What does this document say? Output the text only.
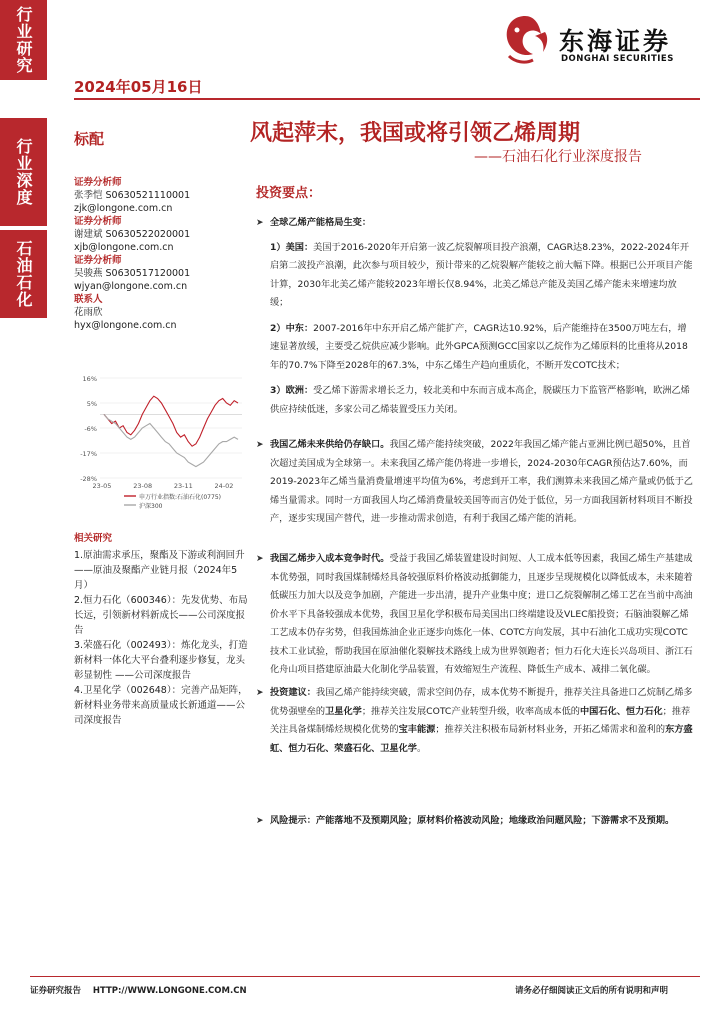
行业研究
行业深度
石油石化
2024年05月16日
东海证券
DONGHAI SECURITIES
标配	风起萍末，我国或将引领乙烯周期
——石油石化行业深度报告
证券分析师
张季恺 S0630521110001
zjk@longone.com.cn
证券分析师
谢建斌 S0630522020001
xjb@longone.com.cn
证券分析师
吴骏燕 S0630517120001
wjyan@longone.com.cn
联系人
花雨欣
hyx@longone.com.cn
16%
5%
-6%
-17%
-28%
23-05	23-08	23-11	24-02
申万行业指数:石油石化(0775)
沪深300
相关研究
1.原油需求承压，聚酯及下游或利润回升——原油及聚酯产业链月报（2024年5月）
2.恒力石化（600346）：先发优势、布局长远，引领新材料新成长——公司深度报告
3.荣盛石化（002493）：炼化龙头，打造新材料一体化大平台叠利逐步修复，龙头彰显韧性 ——公司深度报告
4.卫星化学（002648）：完善产品矩阵，新材料业务带来高质量成长新通道——公司深度报告
投资要点：
➤ 全球乙烯产能格局生变：
1）美国：美国于2016-2020年开启第一波乙烷裂解项目投产浪潮，CAGR达8.23%，2022-2024年开启第二波投产浪潮，此次参与项目较少，预计带来的乙烷裂解产能较之前大幅下降。根据已公开项目产能计算，2030年北美乙烯产能较2023年增长仅8.94%，北美乙烯总产能及美国乙烯产能未来增速均放缓；
2）中东：2007-2016年中东开启乙烯产能扩产，CAGR达10.92%，后产能维持在3500万吨左右，增速显著放缓，主要受乙烷供应减少影响。此外GPCA预测GCC国家以乙烷作为乙烯原料的比重将从2018年的70.7%下降至2028年的67.3%，中东乙烯生产趋向重质化，不断开发COTC技术；
3）欧洲：受乙烯下游需求增长乏力，较北美和中东而言成本高企，脱碳压力下监管严格影响，欧洲乙烯供应持续低迷，多家公司乙烯装置受压力关闭。
➤ 我国乙烯未来供给仍存缺口。我国乙烯产能持续突破，2022年我国乙烯产能占亚洲比例已超50%，且首次超过美国成为全球第一。未来我国乙烯产能仍将进一步增长，2024-2030年CAGR预估达7.60%，而2019-2023年乙烯当量消费量增速平均值为6%，考虑到开工率，我们测算未来我国乙烯产量或仍低于乙烯当量需求。同时一方面我国人均乙烯消费量较美国等而言仍处于低位，另一方面我国新材料项目不断投产，逐步实现国产替代，进一步推动需求创造，有利于我国乙烯产能的消耗。
➤ 我国乙烯步入成本竞争时代。受益于我国乙烯装置建设时间短、人工成本低等因素，我国乙烯生产基建成本优势强，同时我国煤制烯烃具备较强原料价格波动抵御能力，且逐步呈现规模化以降低成本，未来随着低碳压力加大以及竞争加剧，产能进一步出清，提升产业集中度；进口乙烷裂解制乙烯工艺在当前中高油价水平下具备较强成本优势，我国卫星化学积极布局美国出口终端建设及VLEC船投资；石脑油裂解乙烯工艺成本仍存劣势，但我国炼油企业正逐步向炼化一体、COTC方向发展，其中石油化工成功实现COTC技术工业试验，帮助我国在原油催化裂解技术路线上成为世界领跑者；恒力石化大连长兴岛项目、浙江石化舟山项目搭建原油最大化制化学品装置，有效缩短生产流程、降低生产成本、减排二氧化碳。
➤ 投资建议：我国乙烯产能持续突破，需求空间仍存，成本优势不断提升，推荐关注具备进口乙烷制乙烯多优势强壁垒的卫星化学；推荐关注发展COTC产业转型升级，收率高成本低的中国石化、恒力石化；推荐关注具备煤制烯烃规模化优势的宝丰能源；推荐关注积极布局新材料业务，开拓乙烯需求和盈利的东方盛虹、恒力石化、荣盛石化、卫星化学。
➤ 风险提示：产能落地不及预期风险；原材料价格波动风险；地缘政治问题风险；下游需求不及预期。
证券研究报告    HTTP://WWW.LONGONE.COM.CN	请务必仔细阅读正文后的所有说明和声明
